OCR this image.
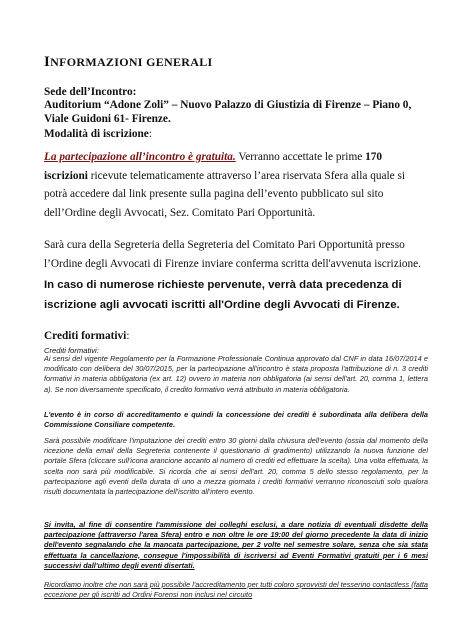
INFORMAZIONI GENERALI
Sede dell’Incontro:
Auditorium “Adone Zoli” – Nuovo Palazzo di Giustizia di Firenze – Piano 0,
Viale Guidoni 61- Firenze.
Modalità di iscrizione:
La partecipazione all’incontro è gratuita. Verranno accettate le prime 170 iscrizioni ricevute telematicamente attraverso l’area riservata Sfera alla quale si potrà accedere dal link presente sulla pagina dell’evento pubblicato sul sito dell’Ordine degli Avvocati, Sez. Comitato Pari Opportunità.
Sarà cura della Segreteria della Segreteria del Comitato Pari Opportunità presso l’Ordine degli Avvocati di Firenze inviare conferma scritta dell'avvenuta iscrizione.
In caso di numerose richieste pervenute, verrà data precedenza di iscrizione agli avvocati iscritti all'Ordine degli Avvocati di Firenze.
Crediti formativi:
Crediti formativi:
Ai sensi del vigente Regolamento per la Formazione Professionale Continua approvato dal CNF in data 16/07/2014 e modificato con delibera del 30/07/2015, per la partecipazione all'incontro è stata proposta l'attribuzione di n. 3 crediti formativi in materia obbligatoria (ex art. 12) ovvero in materia non obbligatoria (ai sensi dell'art. 20, comma 1, lettera a). Se non diversamente specificato, il credito formativo verrà attribuito in materia obbligatoria.
L'evento è in corso di accreditamento e quindi la concessione dei crediti è subordinata alla delibera della Commissione Consiliare competente.
Sarà possibile modificare l'imputazione dei crediti entro 30 giorni dalla chiusura dell'evento (ossia dal momento della ricezione della email della Segreteria contenente il questionario di gradimento) utilizzando la nuova funzione del portale Sfera (cliccare sull'icona arancione accanto al numero di crediti ed effettuare la scelta). Una volta effettuata, la scelta non sarà più modificabile. Si ricorda che ai sensi dell'art. 20, comma 5 dello stesso regolamento, per la partecipazione agli eventi della durata di uno a mezza giornata i crediti formativi verranno riconosciuti solo qualora risulti documentata la partecipazione dell'iscritto all'intero evento.
Si invita, al fine di consentire l'ammissione dei colleghi esclusi, a dare notizia di eventuali disdette della partecipazione (attraverso l'area Sfera) entro e non oltre le ore 19:00 del giorno precedente la data di inizio dell'evento segnalando che la mancata partecipazione, per 2 volte nel semestre solare, senza che sia stata effettuata la cancellazione, consegue l'impossibilità di iscriversi ad Eventi Formativi gratuiti per i 6 mesi successivi dall'ultimo degli eventi disertati.
Ricordiamo inoltre che non sarà più possibile l'accreditamento per tutti coloro sprovvisti del tesserino contactless (fatta eccezione per gli iscritti ad Ordini Forensi non inclusi nel circuito
